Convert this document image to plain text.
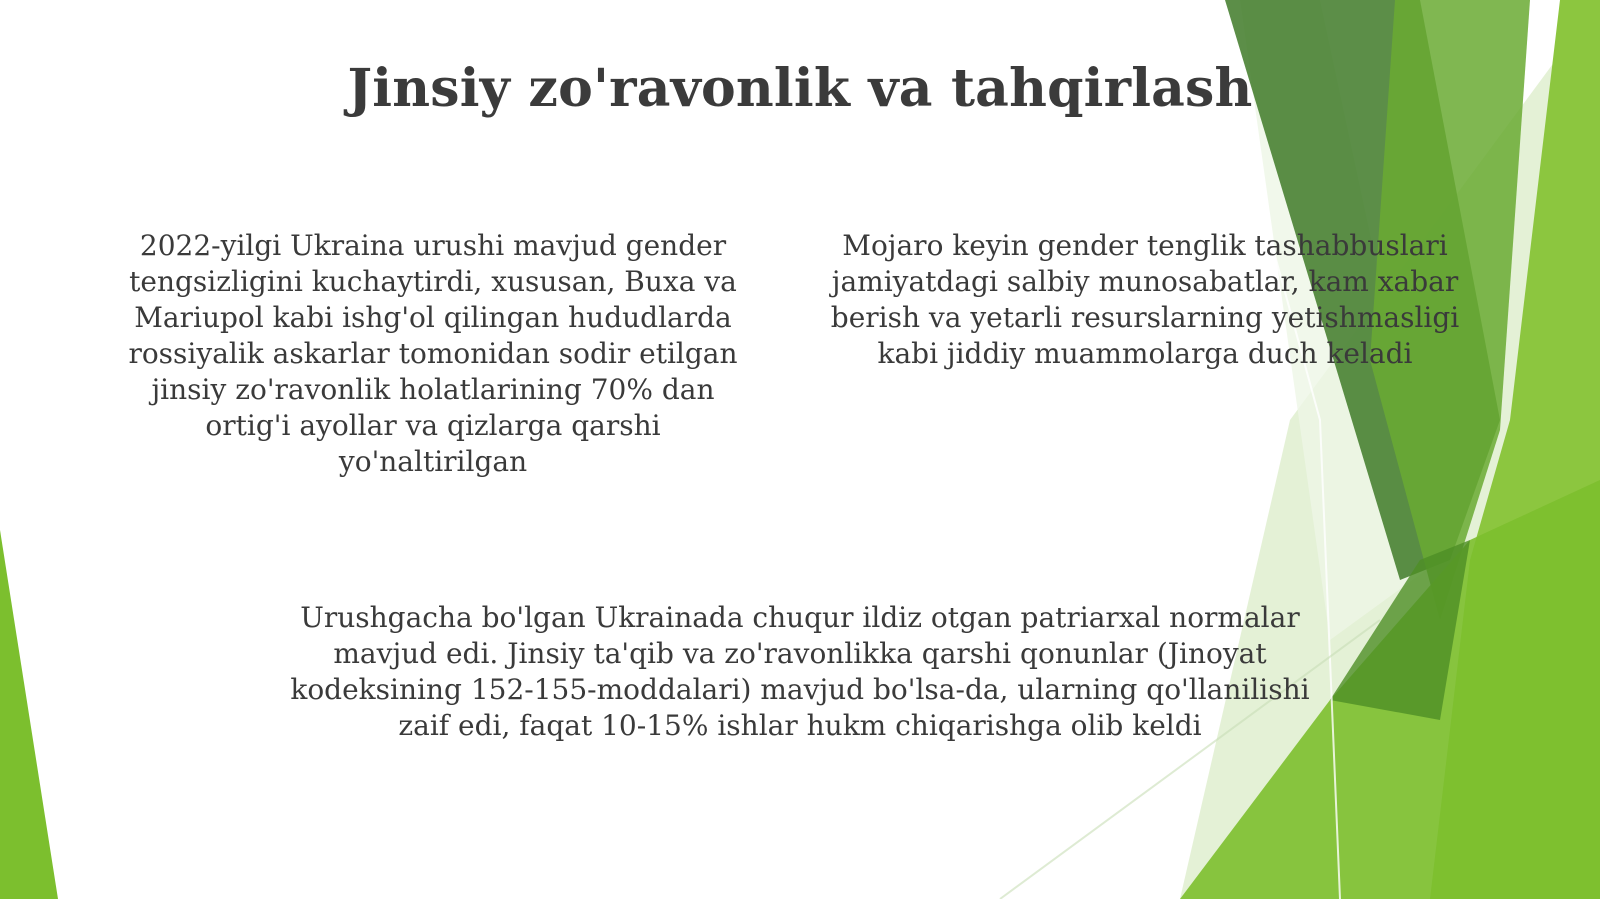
Jinsiy zo'ravonlik va tahqirlash

2022-yilgi Ukraina urushi mavjud gender tengsizligini kuchaytirdi, xususan, Buxa va Mariupol kabi ishg'ol qilingan hududlarda rossiyalik askarlar tomonidan sodir etilgan jinsiy zo'ravonlik holatlarining 70% dan ortig'i ayollar va qizlarga qarshi yo'naltirilgan

Mojaro keyin gender tenglik tashabbuslari jamiyatdagi salbiy munosabatlar, kam xabar berish va yetarli resurslarning yetishmasligi kabi jiddiy muammolarga duch keladi

Urushgacha bo'lgan Ukrainada chuqur ildiz otgan patriarxal normalar mavjud edi. Jinsiy ta'qib va zo'ravonlikka qarshi qonunlar (Jinoyat kodeksining 152-155-moddalari) mavjud bo'lsa-da, ularning qo'llanilishi zaif edi, faqat 10-15% ishlar hukm chiqarishga olib keldi
